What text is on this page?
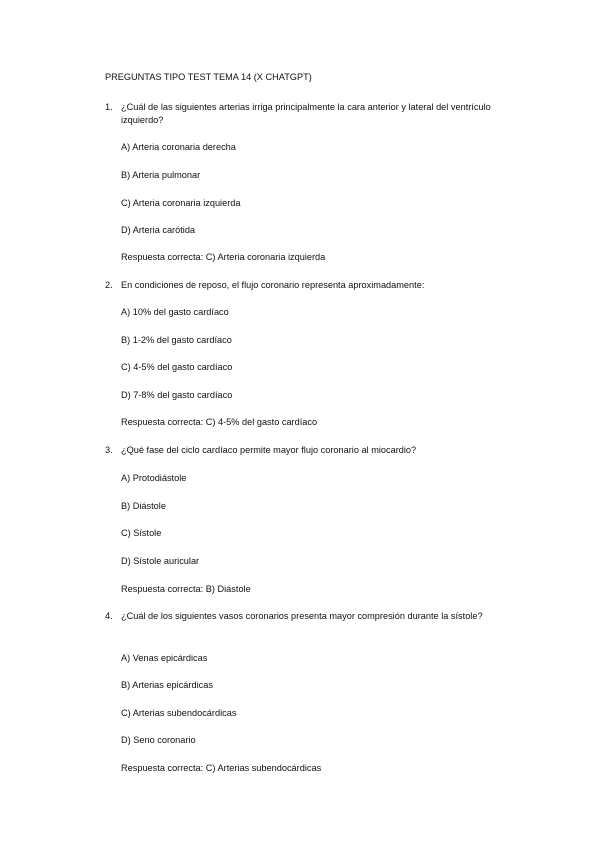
PREGUNTAS TIPO TEST TEMA 14 (X CHATGPT)
1. ¿Cuál de las siguientes arterias irriga principalmente la cara anterior y lateral del ventrículo izquierdo?
A) Arteria coronaria derecha
B) Arteria pulmonar
C) Arteria coronaria izquierda
D) Arteria carótida
Respuesta correcta: C) Arteria coronaria izquierda
2. En condiciones de reposo, el flujo coronario representa aproximadamente:
A) 10% del gasto cardíaco
B) 1-2% del gasto cardíaco
C) 4-5% del gasto cardíaco
D) 7-8% del gasto cardíaco
Respuesta correcta: C) 4-5% del gasto cardíaco
3. ¿Qué fase del ciclo cardíaco permite mayor flujo coronario al miocardio?
A) Protodiástole
B) Diástole
C) Sístole
D) Sístole auricular
Respuesta correcta: B) Diástole
4. ¿Cuál de los siguientes vasos coronarios presenta mayor compresión durante la sístole?
A) Venas epicárdicas
B) Arterias epicárdicas
C) Arterias subendocárdicas
D) Seno coronario
Respuesta correcta: C) Arterias subendocárdicas
